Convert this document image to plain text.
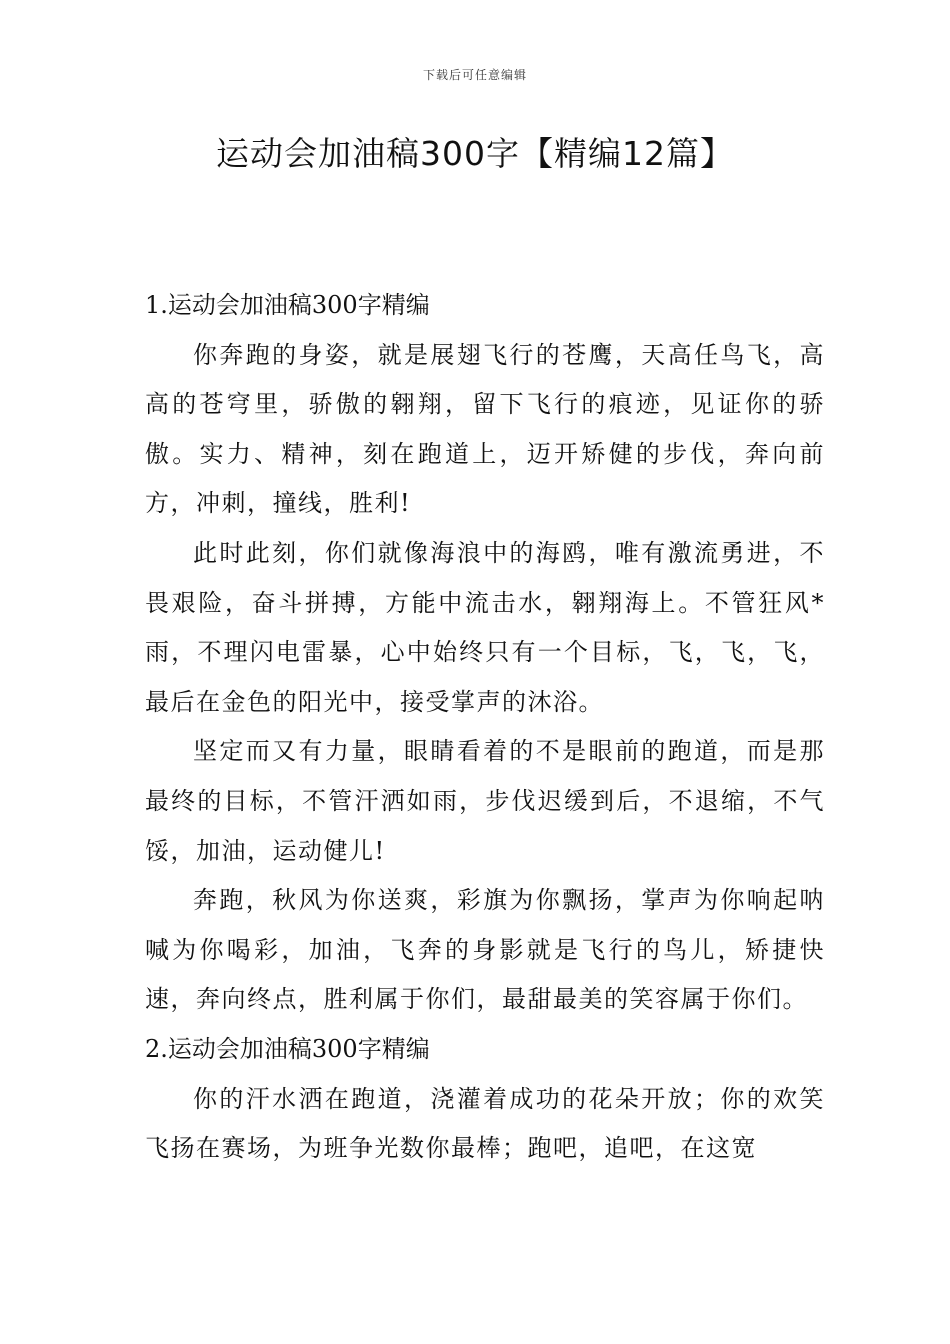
下载后可任意编辑
运动会加油稿300字【精编12篇】

1.运动会加油稿300字精编

你奔跑的身姿，就是展翅飞行的苍鹰，天高任鸟飞，高高的苍穹里，骄傲的翱翔，留下飞行的痕迹，见证你的骄傲。实力、精神，刻在跑道上，迈开矫健的步伐，奔向前方，冲刺，撞线，胜利!

此时此刻，你们就像海浪中的海鸥，唯有激流勇进，不畏艰险，奋斗拼搏，方能中流击水，翱翔海上。不管狂风* 雨，不理闪电雷暴，心中始终只有一个目标，飞，飞，飞，最后在金色的阳光中，接受掌声的沐浴。

坚定而又有力量，眼睛看着的不是眼前的跑道，而是那最终的目标，不管汗洒如雨，步伐迟缓到后，不退缩，不气馁，加油，运动健儿!

奔跑，秋风为你送爽，彩旗为你飘扬，掌声为你响起呐喊为你喝彩，加油，飞奔的身影就是飞行的鸟儿，矫捷快速，奔向终点，胜利属于你们，最甜最美的笑容属于你们。

2.运动会加油稿300字精编

你的汗水洒在跑道，浇灌着成功的花朵开放；你的欢笑飞扬在赛场，为班争光数你最棒；跑吧，追吧，在这宽
